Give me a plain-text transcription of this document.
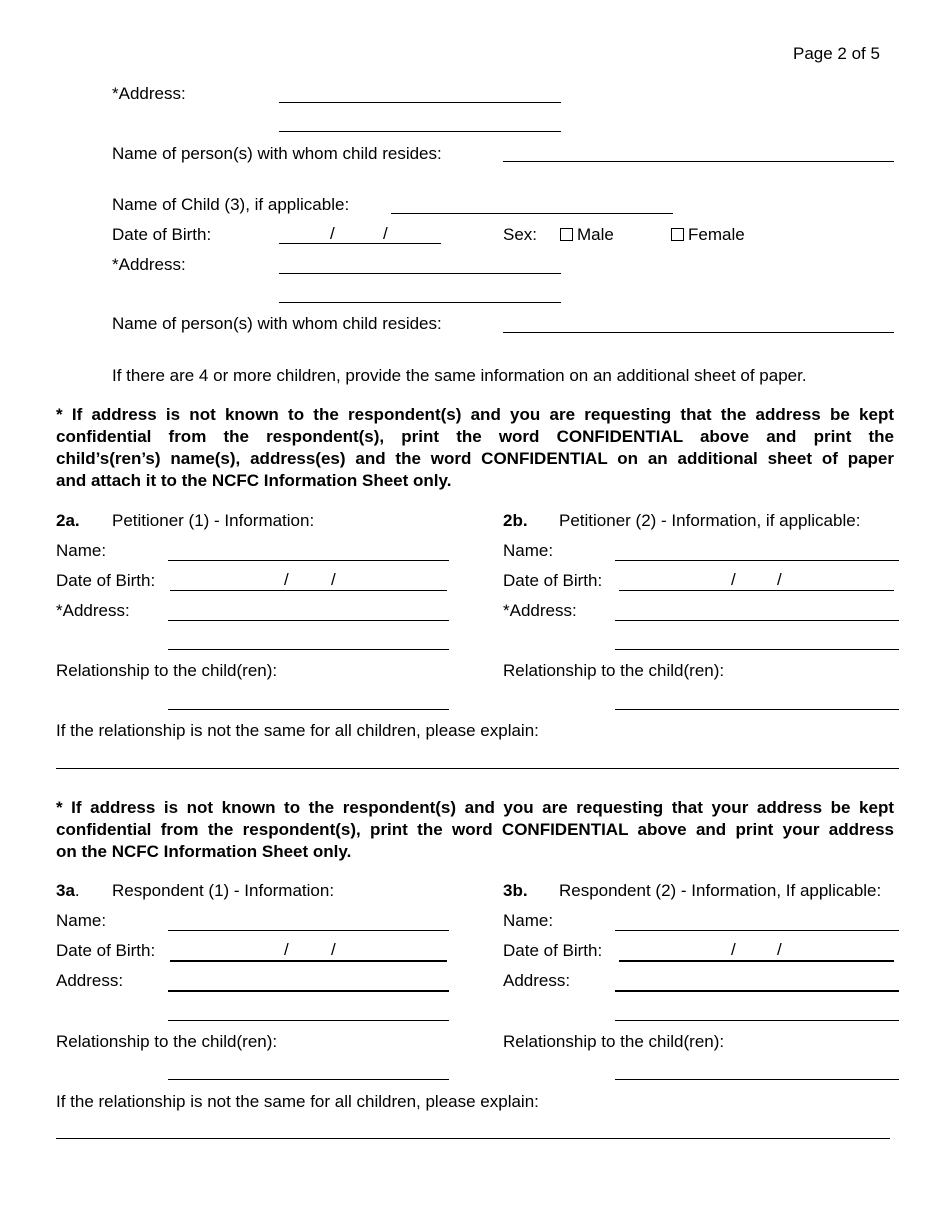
Page 2 of 5
*Address:
Name of person(s) with whom child resides:
Name of Child (3), if applicable:
Date of Birth:	/	/	Sex:	Male	Female
*Address:
Name of person(s) with whom child resides:
If there are 4 or more children, provide the same information on an additional sheet of paper.
* If address is not known to the respondent(s) and you are requesting that the address be kept
confidential from the respondent(s), print the word CONFIDENTIAL above and print the
child’s(ren’s) name(s), address(es) and the word CONFIDENTIAL on an additional sheet of paper
and attach it to the NCFC Information Sheet only.
2a. Petitioner (1) - Information:
Name:
Date of Birth:	/ /
*Address:
Relationship to the child(ren):
2b. Petitioner (2) - Information, if applicable:
Name:
Date of Birth:	/ /
*Address:
Relationship to the child(ren):
If the relationship is not the same for all children, please explain:
* If address is not known to the respondent(s) and you are requesting that your address be kept
confidential from the respondent(s), print the word CONFIDENTIAL above and print your address
on the NCFC Information Sheet only.
3a. Respondent (1) - Information:
Name:
Date of Birth:	/ /
Address:
Relationship to the child(ren):
3b. Respondent (2) - Information, If applicable:
Name:
Date of Birth:	/ /
Address:
Relationship to the child(ren):
If the relationship is not the same for all children, please explain:
